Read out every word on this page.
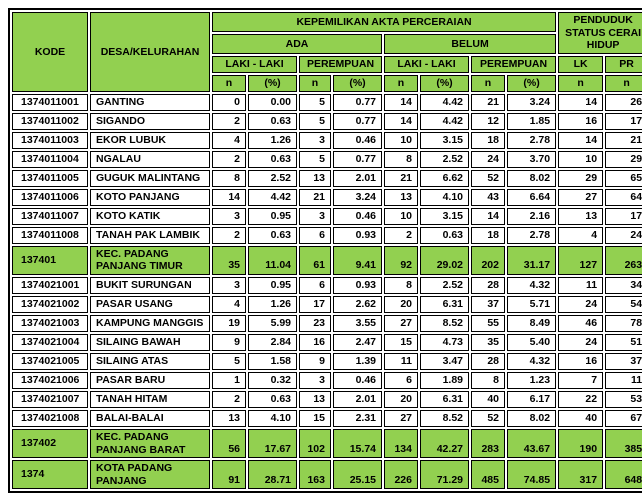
KODE	DESA/KELURAHAN	KEPEMILIKAN AKTA PERCERAIAN								PENDUDUK STATUS CERAI HIDUP	
		ADA				BELUM					
		LAKI - LAKI		PEREMPUAN		LAKI - LAKI		PEREMPUAN		LK	PR
		n	(%)	n	(%)	n	(%)	n	(%)	n	n
1374011001	GANTING	0	0.00	5	0.77	14	4.42	21	3.24	14	26
1374011002	SIGANDO	2	0.63	5	0.77	14	4.42	12	1.85	16	17
1374011003	EKOR LUBUK	4	1.26	3	0.46	10	3.15	18	2.78	14	21
1374011004	NGALAU	2	0.63	5	0.77	8	2.52	24	3.70	10	29
1374011005	GUGUK MALINTANG	8	2.52	13	2.01	21	6.62	52	8.02	29	65
1374011006	KOTO PANJANG	14	4.42	21	3.24	13	4.10	43	6.64	27	64
1374011007	KOTO KATIK	3	0.95	3	0.46	10	3.15	14	2.16	13	17
1374011008	TANAH PAK LAMBIK	2	0.63	6	0.93	2	0.63	18	2.78	4	24
137401	KEC. PADANG PANJANG TIMUR	35	11.04	61	9.41	92	29.02	202	31.17	127	263
1374021001	BUKIT SURUNGAN	3	0.95	6	0.93	8	2.52	28	4.32	11	34
1374021002	PASAR USANG	4	1.26	17	2.62	20	6.31	37	5.71	24	54
1374021003	KAMPUNG MANGGIS	19	5.99	23	3.55	27	8.52	55	8.49	46	78
1374021004	SILAING BAWAH	9	2.84	16	2.47	15	4.73	35	5.40	24	51
1374021005	SILAING ATAS	5	1.58	9	1.39	11	3.47	28	4.32	16	37
1374021006	PASAR BARU	1	0.32	3	0.46	6	1.89	8	1.23	7	11
1374021007	TANAH HITAM	2	0.63	13	2.01	20	6.31	40	6.17	22	53
1374021008	BALAI-BALAI	13	4.10	15	2.31	27	8.52	52	8.02	40	67
137402	KEC. PADANG PANJANG BARAT	56	17.67	102	15.74	134	42.27	283	43.67	190	385
1374	KOTA PADANG PANJANG	91	28.71	163	25.15	226	71.29	485	74.85	317	648
